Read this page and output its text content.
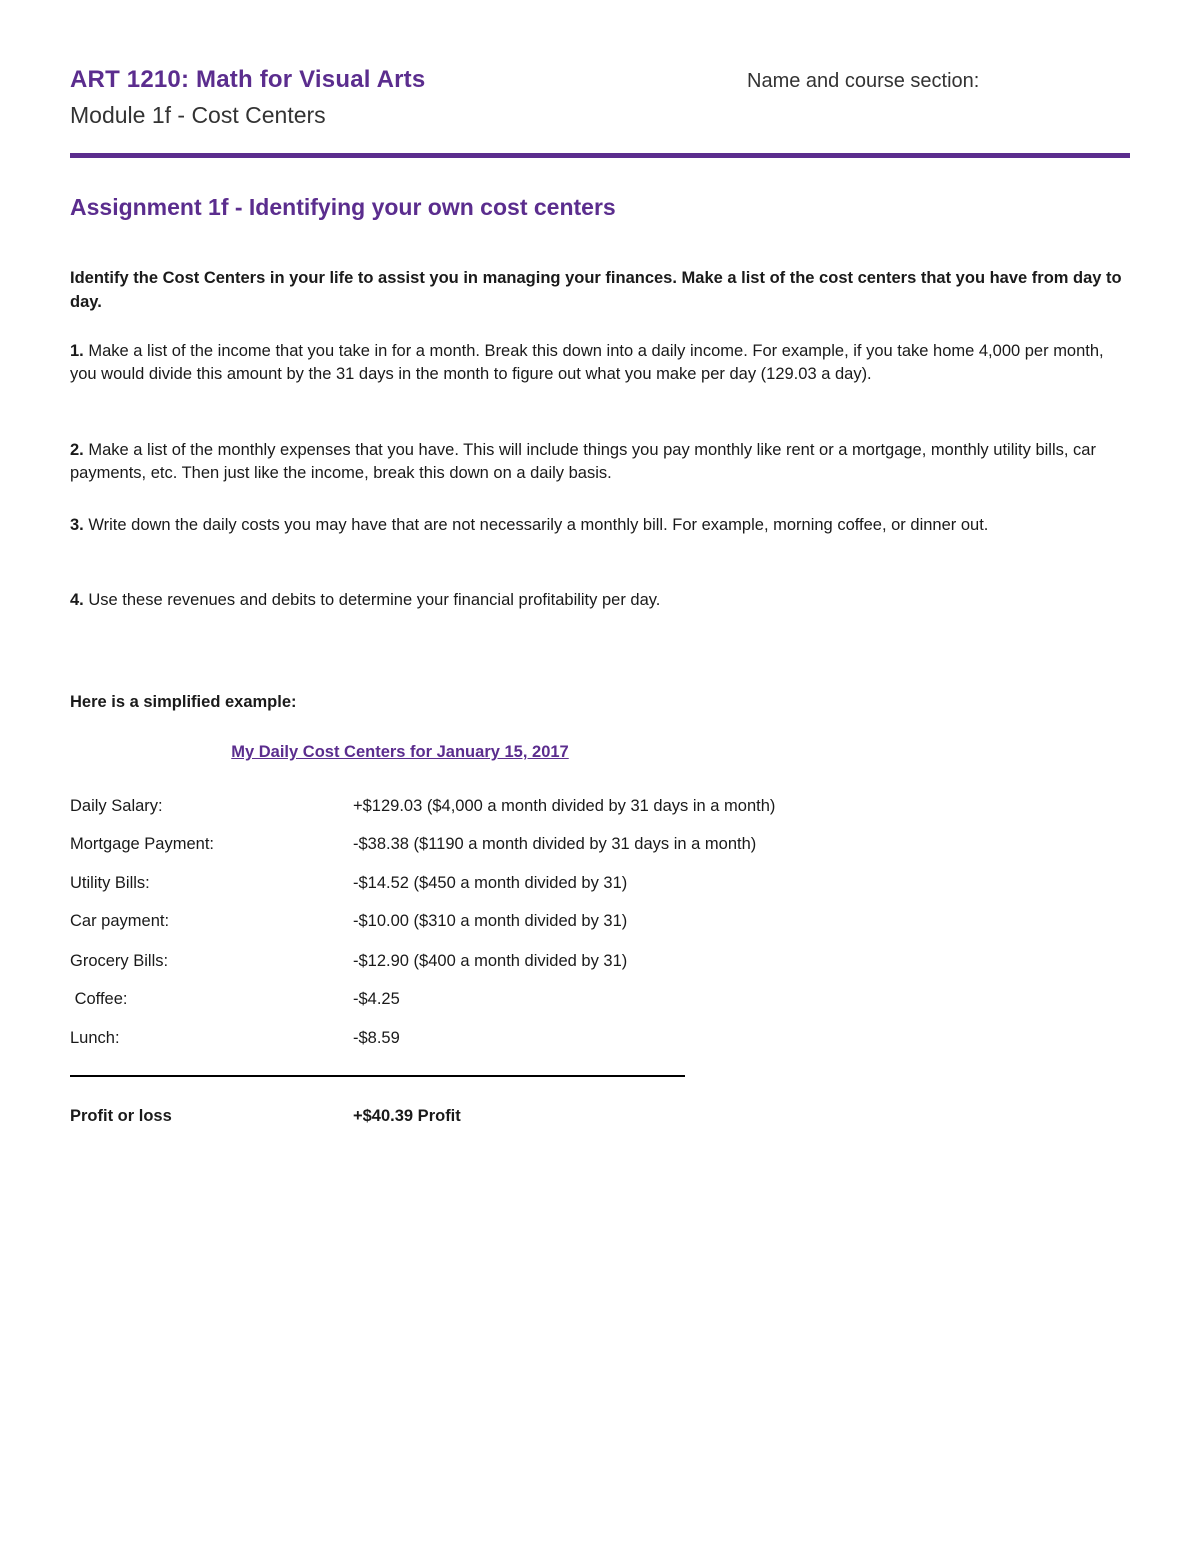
ART 1210: Math for Visual Arts
Module 1f - Cost Centers
Name and course section:
Assignment 1f - Identifying your own cost centers
Identify the Cost Centers in your life to assist you in managing your finances. Make a list of the cost centers that you have from day to day.
1. Make a list of the income that you take in for a month. Break this down into a daily income. For example, if you take home 4,000 per month, you would divide this amount by the 31 days in the month to figure out what you make per day (129.03 a day).
2. Make a list of the monthly expenses that you have. This will include things you pay monthly like rent or a mortgage, monthly utility bills, car payments, etc. Then just like the income, break this down on a daily basis.
3. Write down the daily costs you may have that are not necessarily a monthly bill. For example, morning coffee, or dinner out.
4. Use these revenues and debits to determine your financial profitability per day.
Here is a simplified example:
My Daily Cost Centers for January 15, 2017
Daily Salary:	+$129.03 ($4,000 a month divided by 31 days in a month)
Mortgage Payment:	-$38.38 ($1190 a month divided by 31 days in a month)
Utility Bills:	-$14.52 ($450 a month divided by 31)
Car payment:	-$10.00 ($310 a month divided by 31)
Grocery Bills:	-$12.90 ($400 a month divided by 31)
Coffee:	-$4.25
Lunch:	-$8.59
Profit or loss	+$40.39 Profit
